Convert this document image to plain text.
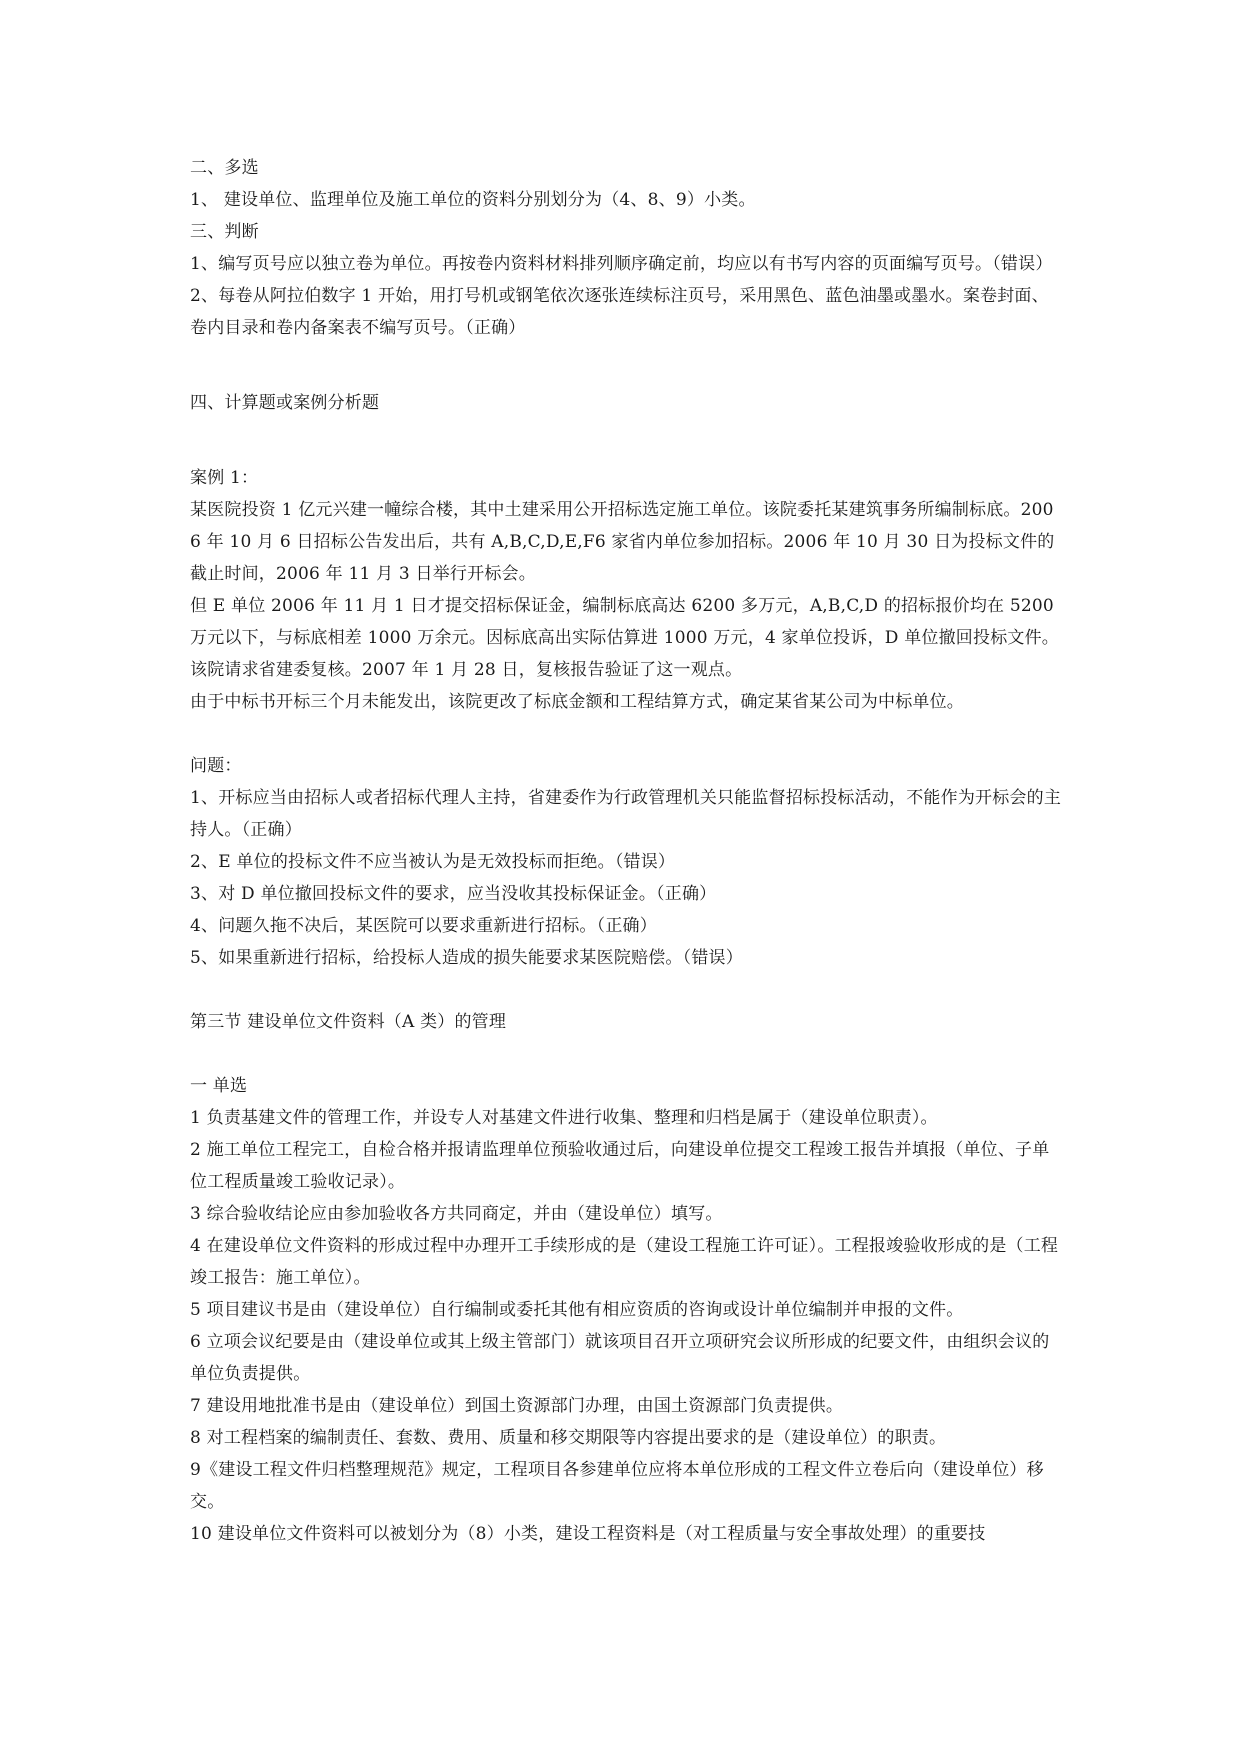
二、多选
1、 建设单位、监理单位及施工单位的资料分别划分为（4、8、9）小类。
三、判断
1、编写页号应以独立卷为单位。再按卷内资料材料排列顺序确定前，均应以有书写内容的页面编写页号。（错误）
2、每卷从阿拉伯数字 1 开始，用打号机或钢笔依次逐张连续标注页号，采用黑色、蓝色油墨或墨水。案卷封面、卷内目录和卷内备案表不编写页号。（正确）
四、计算题或案例分析题
案例 1：
某医院投资 1 亿元兴建一幢综合楼，其中土建采用公开招标选定施工单位。该院委托某建筑事务所编制标底。2006 年 10 月 6 日招标公告发出后，共有 A,B,C,D,E,F6 家省内单位参加招标。2006 年 10 月 30 日为投标文件的截止时间，2006 年 11 月 3 日举行开标会。
但 E 单位 2006 年 11 月 1 日才提交招标保证金，编制标底高达 6200 多万元，A,B,C,D 的招标报价均在 5200 万元以下，与标底相差 1000 万余元。因标底高出实际估算进 1000 万元，4 家单位投诉，D 单位撤回投标文件。该院请求省建委复核。2007 年 1 月 28 日，复核报告验证了这一观点。
由于中标书开标三个月未能发出，该院更改了标底金额和工程结算方式，确定某省某公司为中标单位。
问题：
1、开标应当由招标人或者招标代理人主持，省建委作为行政管理机关只能监督招标投标活动，不能作为开标会的主持人。（正确）
2、E 单位的投标文件不应当被认为是无效投标而拒绝。（错误）
3、对 D 单位撤回投标文件的要求，应当没收其投标保证金。（正确）
4、问题久拖不决后，某医院可以要求重新进行招标。（正确）
5、如果重新进行招标，给投标人造成的损失能要求某医院赔偿。（错误）
第三节 建设单位文件资料（A 类）的管理
一 单选
1 负责基建文件的管理工作，并设专人对基建文件进行收集、整理和归档是属于（建设单位职责）。
2 施工单位工程完工，自检合格并报请监理单位预验收通过后，向建设单位提交工程竣工报告并填报（单位、子单位工程质量竣工验收记录）。
3 综合验收结论应由参加验收各方共同商定，并由（建设单位）填写。
4 在建设单位文件资料的形成过程中办理开工手续形成的是（建设工程施工许可证）。工程报竣验收形成的是（工程竣工报告：施工单位）。
5 项目建议书是由（建设单位）自行编制或委托其他有相应资质的咨询或设计单位编制并申报的文件。
6 立项会议纪要是由（建设单位或其上级主管部门）就该项目召开立项研究会议所形成的纪要文件，由组织会议的单位负责提供。
7 建设用地批准书是由（建设单位）到国土资源部门办理，由国土资源部门负责提供。
8 对工程档案的编制责任、套数、费用、质量和移交期限等内容提出要求的是（建设单位）的职责。
9《建设工程文件归档整理规范》规定，工程项目各参建单位应将本单位形成的工程文件立卷后向（建设单位）移交。
10 建设单位文件资料可以被划分为（8）小类，建设工程资料是（对工程质量与安全事故处理）的重要技
